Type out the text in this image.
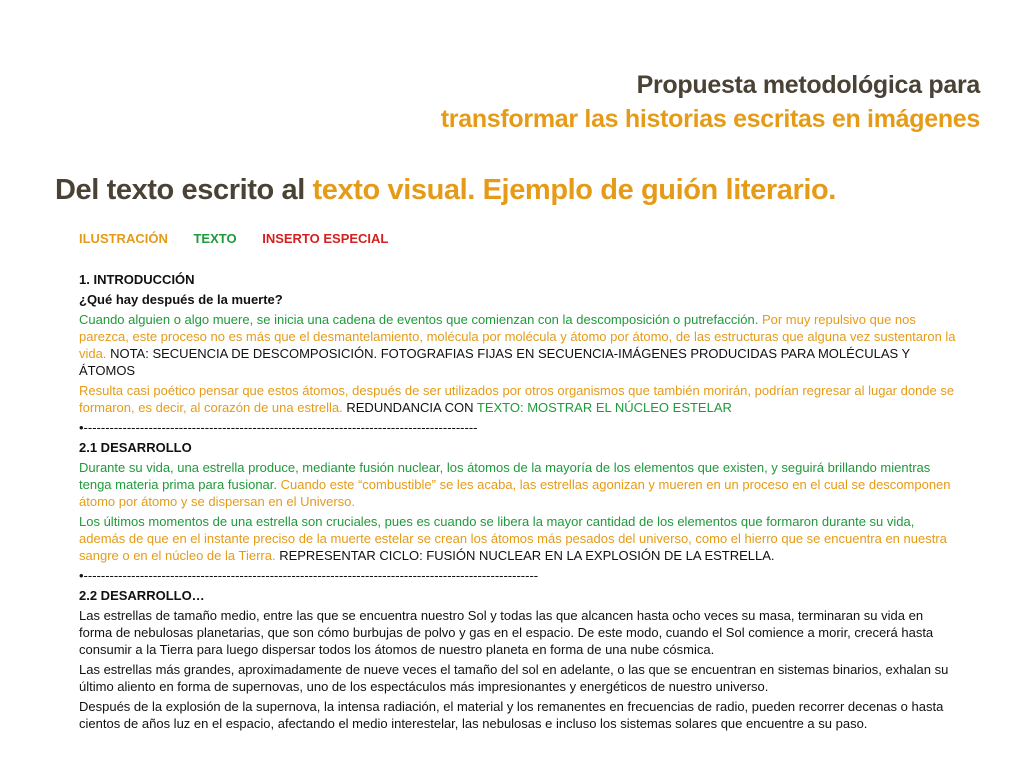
Propuesta metodológica para
transformar las historias escritas en imágenes
Del texto escrito al texto visual. Ejemplo de guión literario.
ILUSTRACIÓN TEXTO INSERTO ESPECIAL
1. INTRODUCCIÓN
¿Qué hay después de la muerte?
Cuando alguien o algo muere, se inicia una cadena de eventos que comienzan con la descomposición o putrefacción. Por muy repulsivo que nos parezca, este proceso no es más que el desmantelamiento, molécula por molécula y átomo por átomo, de las estructuras que alguna vez sustentaron la vida. NOTA: SECUENCIA DE DESCOMPOSICIÓN. FOTOGRAFIAS FIJAS EN SECUENCIA-IMÁGENES PRODUCIDAS PARA MOLÉCULAS Y ÁTOMOS
Resulta casi poético pensar que estos átomos, después de ser utilizados por otros organismos que también morirán, podrían regresar al lugar donde se formaron, es decir, al corazón de una estrella. REDUNDANCIA CON TEXTO: MOSTRAR EL NÚCLEO ESTELAR
•-------------------------------------------------------------------------------------------
2.1 DESARROLLO
Durante su vida, una estrella produce, mediante fusión nuclear, los átomos de la mayoría de los elementos que existen, y seguirá brillando mientras tenga materia prima para fusionar. Cuando este “combustible” se les acaba, las estrellas agonizan y mueren en un proceso en el cual se descomponen átomo por átomo y se dispersan en el Universo.
Los últimos momentos de una estrella son cruciales, pues es cuando se libera la mayor cantidad de los elementos que formaron durante su vida, además de que en el instante preciso de la muerte estelar se crean los átomos más pesados del universo, como el hierro que se encuentra en nuestra sangre o en el núcleo de la Tierra. REPRESENTAR CICLO: FUSIÓN NUCLEAR EN LA EXPLOSIÓN DE LA ESTRELLA.
•---------------------------------------------------------------------------------------------------------
2.2 DESARROLLO…
Las estrellas de tamaño medio, entre las que se encuentra nuestro Sol y todas las que alcancen hasta ocho veces su masa, terminaran su vida en forma de nebulosas planetarias, que son cómo burbujas de polvo y gas en el espacio. De este modo, cuando el Sol comience a morir, crecerá hasta consumir a la Tierra para luego dispersar todos los átomos de nuestro planeta en forma de una nube cósmica.
Las estrellas más grandes, aproximadamente de nueve veces el tamaño del sol en adelante, o las que se encuentran en sistemas binarios, exhalan su último aliento en forma de supernovas, uno de los espectáculos más impresionantes y energéticos de nuestro universo.
Después de la explosión de la supernova, la intensa radiación, el material y los remanentes en frecuencias de radio, pueden recorrer decenas o hasta cientos de años luz en el espacio, afectando el medio interestelar, las nebulosas e incluso los sistemas solares que encuentre a su paso.
